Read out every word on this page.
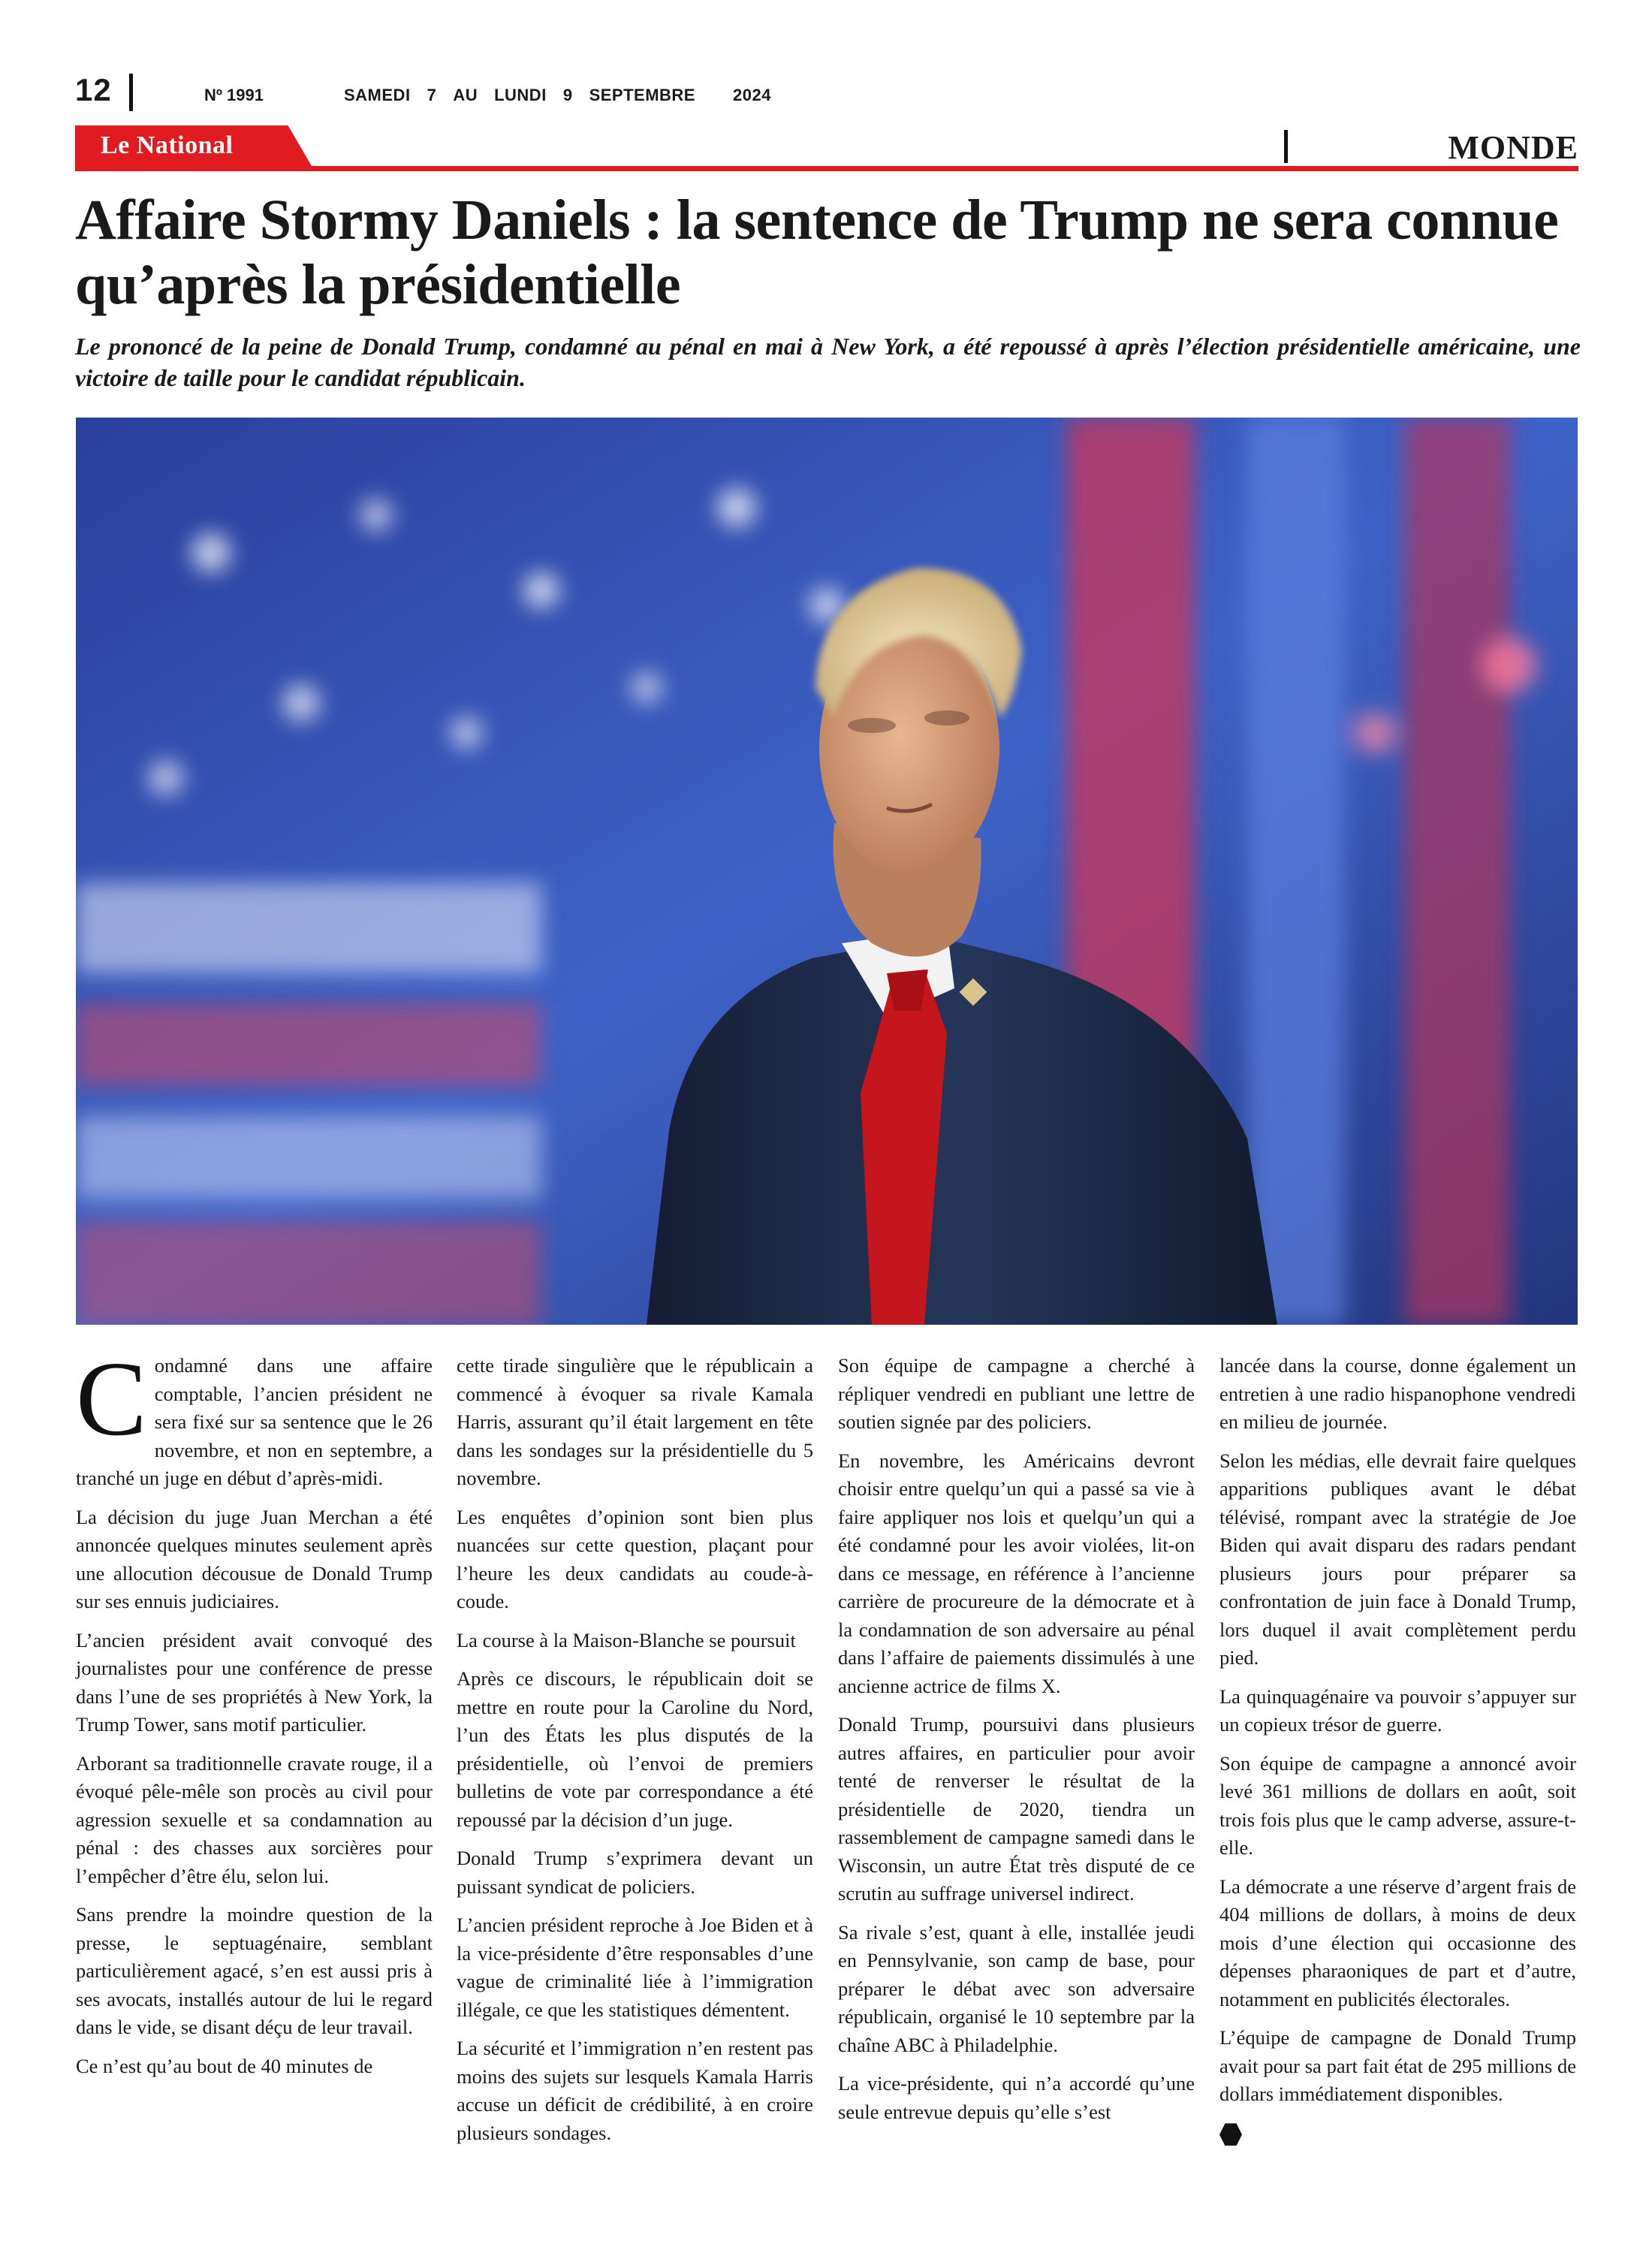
12	Nº 1991	SAMEDI 7 AU LUNDI 9 SEPTEMBRE 2024
Le National	MONDE
Affaire Stormy Daniels : la sentence de Trump ne sera connue qu’après la présidentielle

Le prononcé de la peine de Donald Trump, condamné au pénal en mai à New York, a été repoussé à après l’élection présidentielle américaine, une victoire de taille pour le candidat républicain.

Condamné dans une affaire comptable, l’ancien président ne sera fixé sur sa sentence que le 26 novembre, et non en septembre, a tranché un juge en début d’après-midi.

La décision du juge Juan Merchan a été annoncée quelques minutes seulement après une allocution décousue de Donald Trump sur ses ennuis judiciaires.

L’ancien président avait convoqué des journalistes pour une conférence de presse dans l’une de ses propriétés à New York, la Trump Tower, sans motif particulier.

Arborant sa traditionnelle cravate rouge, il a évoqué pêle-mêle son procès au civil pour agression sexuelle et sa condamnation au pénal : des chasses aux sorcières pour l’empêcher d’être élu, selon lui.

Sans prendre la moindre question de la presse, le septuagénaire, semblant particulièrement agacé, s’en est aussi pris à ses avocats, installés autour de lui le regard dans le vide, se disant déçu de leur travail.

Ce n’est qu’au bout de 40 minutes de

cette tirade singulière que le républicain a commencé à évoquer sa rivale Kamala Harris, assurant qu’il était largement en tête dans les sondages sur la présidentielle du 5 novembre.

Les enquêtes d’opinion sont bien plus nuancées sur cette question, plaçant pour l’heure les deux candidats au coude-à-coude.

La course à la Maison-Blanche se poursuit

Après ce discours, le républicain doit se mettre en route pour la Caroline du Nord, l’un des États les plus disputés de la présidentielle, où l’envoi de premiers bulletins de vote par correspondance a été repoussé par la décision d’un juge.

Donald Trump s’exprimera devant un puissant syndicat de policiers.

L’ancien président reproche à Joe Biden et à la vice-présidente d’être responsables d’une vague de criminalité liée à l’immigration illégale, ce que les statistiques démentent.

La sécurité et l’immigration n’en restent pas moins des sujets sur lesquels Kamala Harris accuse un déficit de crédibilité, à en croire plusieurs sondages.

Son équipe de campagne a cherché à répliquer vendredi en publiant une lettre de soutien signée par des policiers.

En novembre, les Américains devront choisir entre quelqu’un qui a passé sa vie à faire appliquer nos lois et quelqu’un qui a été condamné pour les avoir violées, lit-on dans ce message, en référence à l’ancienne carrière de procureure de la démocrate et à la condamnation de son adversaire au pénal dans l’affaire de paiements dissimulés à une ancienne actrice de films X.

Donald Trump, poursuivi dans plusieurs autres affaires, en particulier pour avoir tenté de renverser le résultat de la présidentielle de 2020, tiendra un rassemblement de campagne samedi dans le Wisconsin, un autre État très disputé de ce scrutin au suffrage universel indirect.

Sa rivale s’est, quant à elle, installée jeudi en Pennsylvanie, son camp de base, pour préparer le débat avec son adversaire républicain, organisé le 10 septembre par la chaîne ABC à Philadelphie.

La vice-présidente, qui n’a accordé qu’une seule entrevue depuis qu’elle s’est

lancée dans la course, donne également un entretien à une radio hispanophone vendredi en milieu de journée.

Selon les médias, elle devrait faire quelques apparitions publiques avant le débat télévisé, rompant avec la stratégie de Joe Biden qui avait disparu des radars pendant plusieurs jours pour préparer sa confrontation de juin face à Donald Trump, lors duquel il avait complètement perdu pied.

La quinquagénaire va pouvoir s’appuyer sur un copieux trésor de guerre.

Son équipe de campagne a annoncé avoir levé 361 millions de dollars en août, soit trois fois plus que le camp adverse, assure-t-elle.

La démocrate a une réserve d’argent frais de 404 millions de dollars, à moins de deux mois d’une élection qui occasionne des dépenses pharaoniques de part et d’autre, notamment en publicités électorales.

L’équipe de campagne de Donald Trump avait pour sa part fait état de 295 millions de dollars immédiatement disponibles.
